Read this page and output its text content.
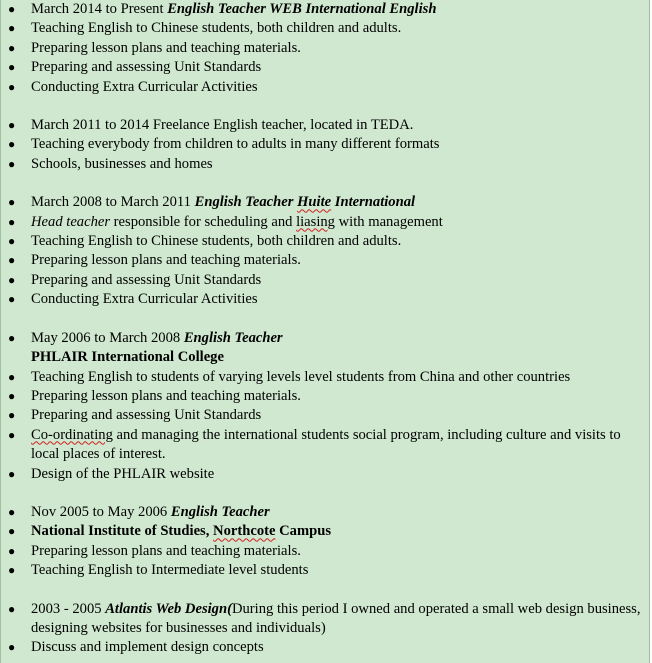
● March 2014 to Present English Teacher WEB International English
● Teaching English to Chinese students, both children and adults.
● Preparing lesson plans and teaching materials.
● Preparing and assessing Unit Standards
● Conducting Extra Curricular Activities
● March 2011 to 2014 Freelance English teacher, located in TEDA.
● Teaching everybody from children to adults in many different formats
● Schools, businesses and homes
● March 2008 to March 2011 English Teacher Huite International
● Head teacher responsible for scheduling and liasing with management
● Teaching English to Chinese students, both children and adults.
● Preparing lesson plans and teaching materials.
● Preparing and assessing Unit Standards
● Conducting Extra Curricular Activities
● May 2006 to March 2008 English Teacher
PHLAIR International College
● Teaching English to students of varying levels level students from China and other countries
● Preparing lesson plans and teaching materials.
● Preparing and assessing Unit Standards
● Co-ordinating and managing the international students social program, including culture and visits to local places of interest.
● Design of the PHLAIR website
● Nov 2005 to May 2006 English Teacher
● National Institute of Studies, Northcote Campus
● Preparing lesson plans and teaching materials.
● Teaching English to Intermediate level students
● 2003 - 2005 Atlantis Web Design(During this period I owned and operated a small web design business, designing websites for businesses and individuals)
● Discuss and implement design concepts
